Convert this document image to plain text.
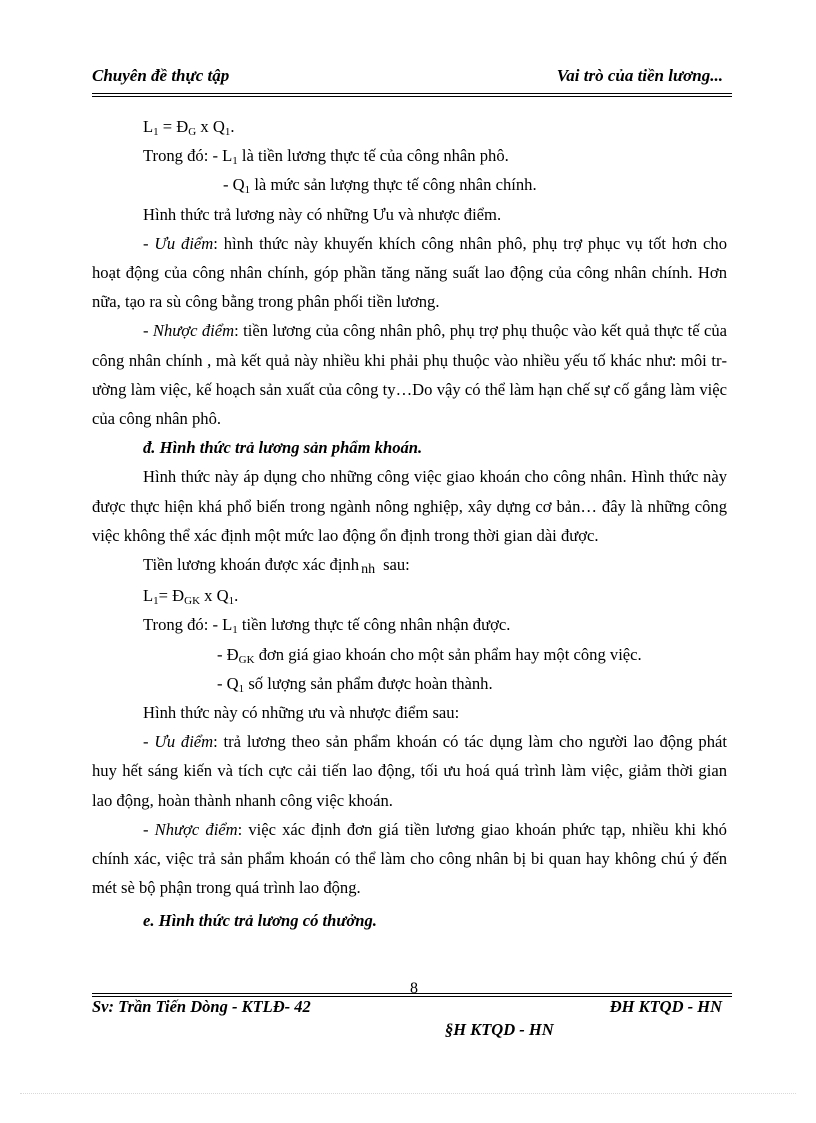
Chuyên đề thực tập	Vai trò của tiền lương...

$L_1$ = $Đ_G$ x $Q_1$.

Trong đó: - $L_1$ là tiền lương thực tế của công nhân phô.

- $Q_1$ là mức sản lượng thực tế công nhân chính.

Hình thức trả lương này có những Ưu và nhược điểm.

- Ưu điểm: hình thức này khuyến khích công nhân phô, phụ trợ phục vụ tốt hơn cho hoạt động của công nhân chính, góp phần tăng năng suất lao động của công nhân chính. Hơn nữa, tạo ra sù công bằng trong phân phối tiền lương.

- Nhược điểm: tiền lương của công nhân phô, phụ trợ phụ thuộc vào kết quả thực tế của công nhân chính , mà kết quả này nhiều khi phải phụ thuộc vào nhiều yếu tố khác như: môi trường làm việc, kế hoạch sản xuất của công ty…Do vậy có thể làm hạn chế sự cố gắng làm việc của công nhân phô.

đ. Hình thức trả lương sản phẩm khoán.

Hình thức này áp dụng cho những công việc giao khoán cho công nhân. Hình thức này được thực hiện khá phổ biến trong ngành nông nghiệp, xây dựng cơ bản… đây là những công việc không thể xác định một mức lao động ổn định trong thời gian dài được.

Tiền lương khoán được xác định nh sau:

$L_1=$ $Đ_{GK}$ x $Q_1$.

Trong đó: - $L_1$ tiền lương thực tế công nhân nhận được.

- $Đ_{GK}$ đơn giá giao khoán cho một sản phẩm hay một công việc.

- $Q_1$ số lượng sản phẩm được hoàn thành.

Hình thức này có những ưu và nhược điểm sau:

- Ưu điểm: trả lương theo sản phẩm khoán có tác dụng làm cho người lao động phát huy hết sáng kiến và tích cực cải tiến lao động, tối ưu hoá quá trình làm việc, giảm thời gian lao động, hoàn thành nhanh công việc khoán.

- Nhược điểm: việc xác định đơn giá tiền lương giao khoán phức tạp, nhiều khi khó chính xác, việc trả sản phẩm khoán có thể làm cho công nhân bị bi quan hay không chú ý đến mét sè bộ phận trong quá trình lao động.

e. Hình thức trả lương có thưởng.

8
Sv: Trần Tiến Dòng - KTLĐ- 42	ĐH KTQD - HN
§H KTQD - HN
